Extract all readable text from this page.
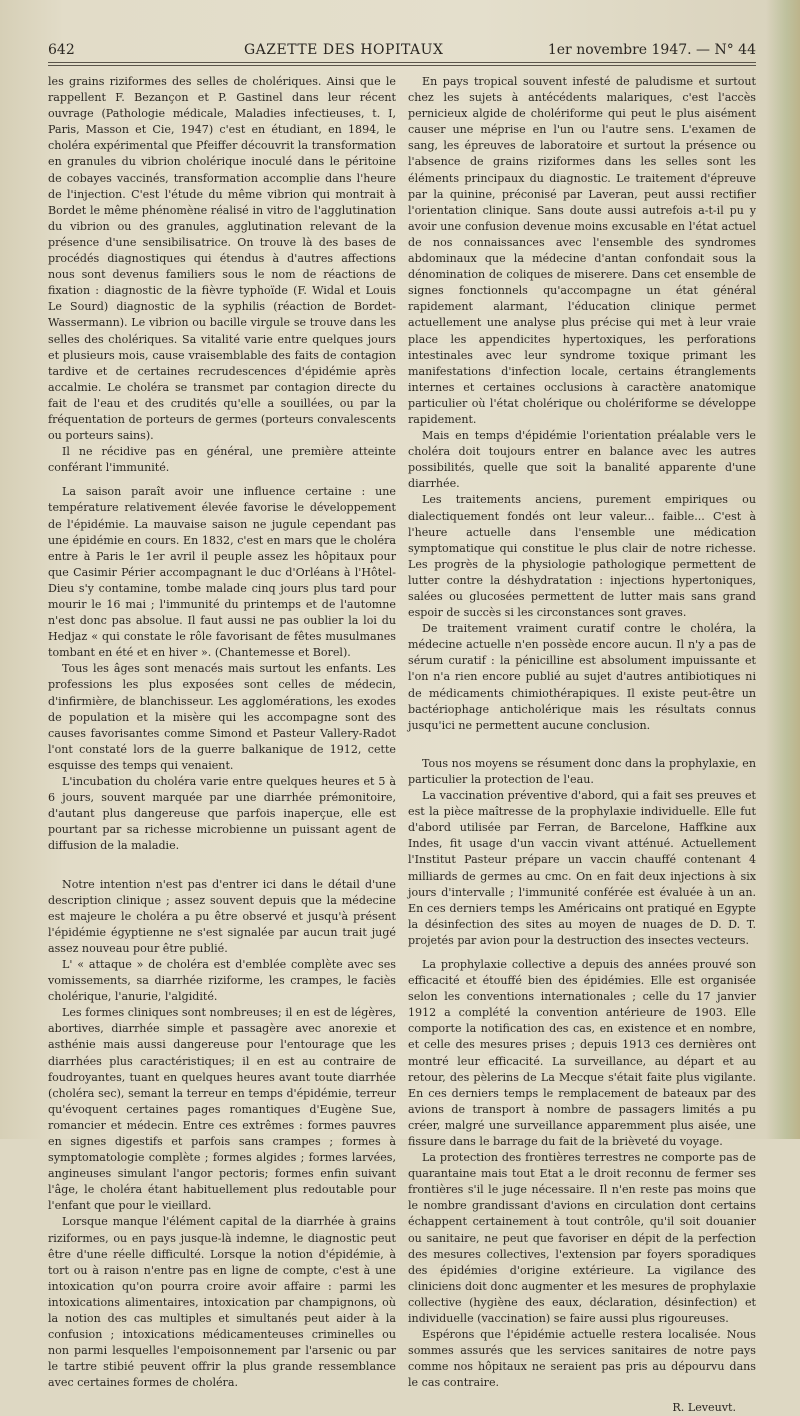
642	GAZETTE DES HOPITAUX	1er novembre 1947. — N° 44

les grains riziformes des selles de cholériques. Ainsi que le rappellent F. Bezançon et P. Gastinel dans leur récent ouvrage (Pathologie médicale, Maladies infectieuses, t. I, Paris, Masson et Cie, 1947) c'est en étudiant, en 1894, le choléra expérimental que Pfeiffer découvrit la transformation en granules du vibrion cholérique inoculé dans le péritoine de cobayes vaccinés, transformation accomplie dans l'heure de l'injection. C'est l'étude du même vibrion qui montrait à Bordet le même phénomène réalisé in vitro de l'agglutination du vibrion ou des granules, agglutination relevant de la présence d'une sensibilisatrice. On trouve là des bases de procédés diagnostiques qui étendus à d'autres affections nous sont devenus familiers sous le nom de réactions de fixation : diagnostic de la fièvre typhoïde (F. Widal et Louis Le Sourd) diagnostic de la syphilis (réaction de Bordet-Wassermann). Le vibrion ou bacille virgule se trouve dans les selles des cholériques. Sa vitalité varie entre quelques jours et plusieurs mois, cause vraisemblable des faits de contagion tardive et de certaines recrudescences d'épidémie après accalmie. Le choléra se transmet par contagion directe du fait de l'eau et des crudités qu'elle a souillées, ou par la fréquentation de porteurs de germes (porteurs convalescents ou porteurs sains).

Il ne récidive pas en général, une première atteinte conférant l'immunité.

La saison paraît avoir une influence certaine : une température relativement élevée favorise le développement de l'épidémie. La mauvaise saison ne jugule cependant pas une épidémie en cours. En 1832, c'est en mars que le choléra entre à Paris le 1er avril il peuple assez les hôpitaux pour que Casimir Périer accompagnant le duc d'Orléans à l'Hôtel-Dieu s'y contamine, tombe malade cinq jours plus tard pour mourir le 16 mai ; l'immunité du printemps et de l'automne n'est donc pas absolue. Il faut aussi ne pas oublier la loi du Hedjaz « qui constate le rôle favorisant de fêtes musulmanes tombant en été et en hiver ». (Chantemesse et Borel).

Tous les âges sont menacés mais surtout les enfants. Les professions les plus exposées sont celles de médecin, d'infirmière, de blanchisseur. Les agglomérations, les exodes de population et la misère qui les accompagne sont des causes favorisantes comme Simond et Pasteur Vallery-Radot l'ont constaté lors de la guerre balkanique de 1912, cette esquisse des temps qui venaient.

L'incubation du choléra varie entre quelques heures et 5 à 6 jours, souvent marquée par une diarrhée prémonitoire, d'autant plus dangereuse que parfois inaperçue, elle est pourtant par sa richesse microbienne un puissant agent de diffusion de la maladie.

Notre intention n'est pas d'entrer ici dans le détail d'une description clinique ; assez souvent depuis que la médecine est majeure le choléra a pu être observé et jusqu'à présent l'épidémie égyptienne ne s'est signalée par aucun trait jugé assez nouveau pour être publié.

L' « attaque » de choléra est d'emblée complète avec ses vomissements, sa diarrhée riziforme, les crampes, le faciès cholérique, l'anurie, l'algidité.

Les formes cliniques sont nombreuses; il en est de légères, abortives, diarrhée simple et passagère avec anorexie et asthénie mais aussi dangereuse pour l'entourage que les diarrhées plus caractéristiques; il en est au contraire de foudroyantes, tuant en quelques heures avant toute diarrhée (choléra sec), semant la terreur en temps d'épidémie, terreur qu'évoquent certaines pages romantiques d'Eugène Sue, romancier et médecin. Entre ces extrêmes : formes pauvres en signes digestifs et parfois sans crampes ; formes à symptomatologie complète ; formes algides ; formes larvées, angineuses simulant l'angor pectoris; formes enfin suivant l'âge, le choléra étant habituellement plus redoutable pour l'enfant que pour le vieillard.

Lorsque manque l'élément capital de la diarrhée à grains riziformes, ou en pays jusque-là indemne, le diagnostic peut être d'une réelle difficulté. Lorsque la notion d'épidémie, à tort ou à raison n'entre pas en ligne de compte, c'est à une intoxication qu'on pourra croire avoir affaire : parmi les intoxications alimentaires, intoxication par champignons, où la notion des cas multiples et simultanés peut aider à la confusion ; intoxications médicamenteuses criminelles ou non parmi lesquelles l'empoisonnement par l'arsenic ou par le tartre stibié peuvent offrir la plus grande ressemblance avec certaines formes de choléra.

En pays tropical souvent infesté de paludisme et surtout chez les sujets à antécédents malariques, c'est l'accès pernicieux algide de cholériforme qui peut le plus aisément causer une méprise en l'un ou l'autre sens. L'examen de sang, les épreuves de laboratoire et surtout la présence ou l'absence de grains riziformes dans les selles sont les éléments principaux du diagnostic. Le traitement d'épreuve par la quinine, préconisé par Laveran, peut aussi rectifier l'orientation clinique. Sans doute aussi autrefois a-t-il pu y avoir une confusion devenue moins excusable en l'état actuel de nos connaissances avec l'ensemble des syndromes abdominaux que la médecine d'antan confondait sous la dénomination de coliques de miserere. Dans cet ensemble de signes fonctionnels qu'accompagne un état général rapidement alarmant, l'éducation clinique permet actuellement une analyse plus précise qui met à leur vraie place les appendicites hypertoxiques, les perforations intestinales avec leur syndrome toxique primant les manifestations d'infection locale, certains étranglements internes et certaines occlusions à caractère anatomique particulier où l'état cholérique ou cholériforme se développe rapidement.

Mais en temps d'épidémie l'orientation préalable vers le choléra doit toujours entrer en balance avec les autres possibilités, quelle que soit la banalité apparente d'une diarrhée.

Les traitements anciens, purement empiriques ou dialectiquement fondés ont leur valeur... faible... C'est à l'heure actuelle dans l'ensemble une médication symptomatique qui constitue le plus clair de notre richesse. Les progrès de la physiologie pathologique permettent de lutter contre la déshydratation : injections hypertoniques, salées ou glucosées permettent de lutter mais sans grand espoir de succès si les circonstances sont graves.

De traitement vraiment curatif contre le choléra, la médecine actuelle n'en possède encore aucun. Il n'y a pas de sérum curatif : la pénicilline est absolument impuissante et l'on n'a rien encore publié au sujet d'autres antibiotiques ni de médicaments chimiothérapiques. Il existe peut-être un bactériophage anticholérique mais les résultats connus jusqu'ici ne permettent aucune conclusion.

Tous nos moyens se résument donc dans la prophylaxie, en particulier la protection de l'eau.

La vaccination préventive d'abord, qui a fait ses preuves et est la pièce maîtresse de la prophylaxie individuelle. Elle fut d'abord utilisée par Ferran, de Barcelone, Haffkine aux Indes, fit usage d'un vaccin vivant atténué. Actuellement l'Institut Pasteur prépare un vaccin chauffé contenant 4 milliards de germes au cmc. On en fait deux injections à six jours d'intervalle ; l'immunité conférée est évaluée à un an. En ces derniers temps les Américains ont pratiqué en Egypte la désinfection des sites au moyen de nuages de D. D. T. projetés par avion pour la destruction des insectes vecteurs.

La prophylaxie collective a depuis des années prouvé son efficacité et étouffé bien des épidémies. Elle est organisée selon les conventions internationales ; celle du 17 janvier 1912 a complété la convention antérieure de 1903. Elle comporte la notification des cas, en existence et en nombre, et celle des mesures prises ; depuis 1913 ces dernières ont montré leur efficacité. La surveillance, au départ et au retour, des pèlerins de La Mecque s'était faite plus vigilante. En ces derniers temps le remplacement de bateaux par des avions de transport à nombre de passagers limités a pu créer, malgré une surveillance apparemment plus aisée, une fissure dans le barrage du fait de la brièveté du voyage.

La protection des frontières terrestres ne comporte pas de quarantaine mais tout Etat a le droit reconnu de fermer ses frontières s'il le juge nécessaire. Il n'en reste pas moins que le nombre grandissant d'avions en circulation dont certains échappent certainement à tout contrôle, qu'il soit douanier ou sanitaire, ne peut que favoriser en dépit de la perfection des mesures collectives, l'extension par foyers sporadiques des épidémies d'origine extérieure. La vigilance des cliniciens doit donc augmenter et les mesures de prophylaxie collective (hygiène des eaux, déclaration, désinfection) et individuelle (vaccination) se faire aussi plus rigoureuses.

Espérons que l'épidémie actuelle restera localisée. Nous sommes assurés que les services sanitaires de notre pays comme nos hôpitaux ne seraient pas pris au dépourvu dans le cas contraire.

R. Leveuvt.
